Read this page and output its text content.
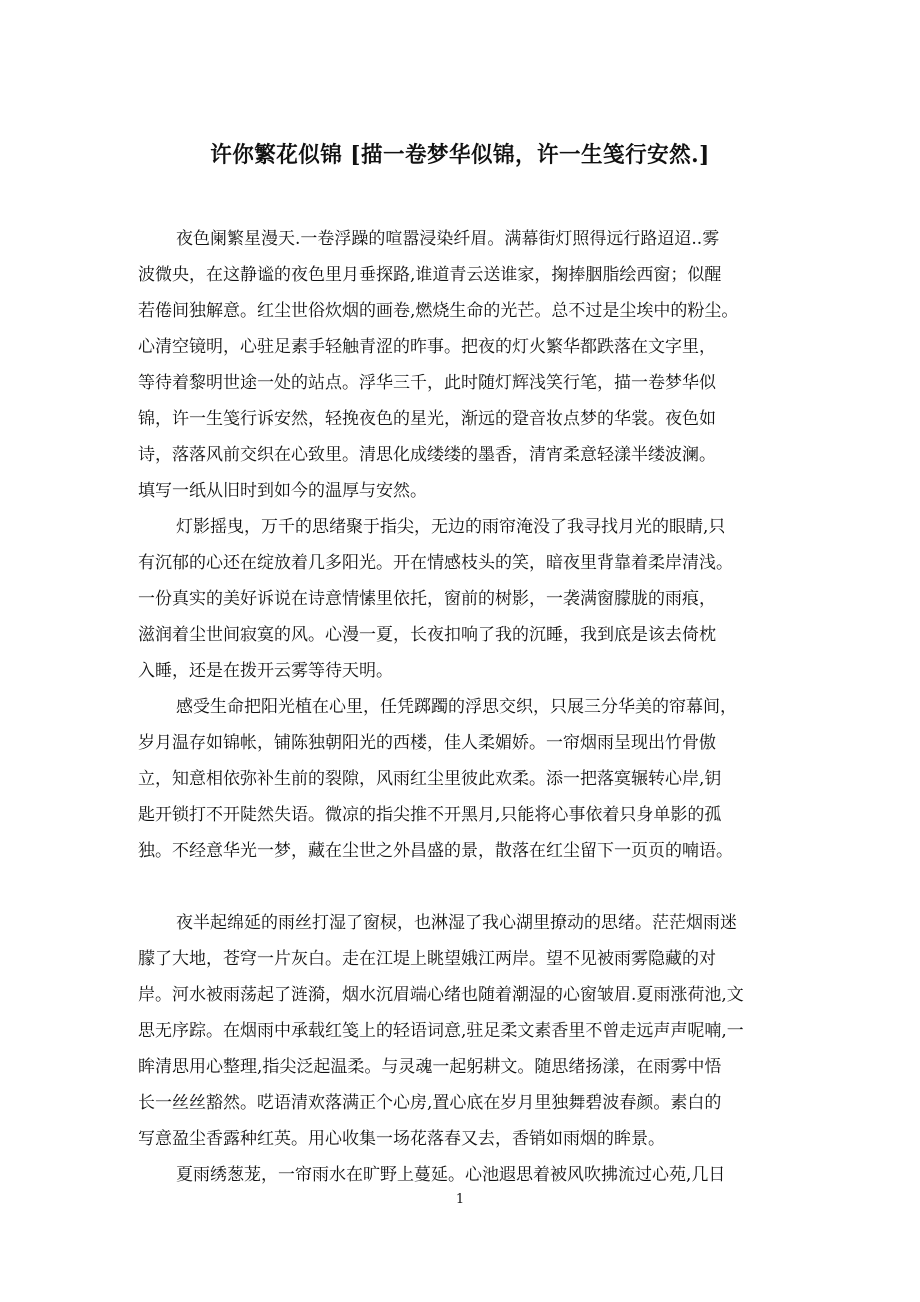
许你繁花似锦 [描一卷梦华似锦，许一生笺行安然.]
夜色阑繁星漫天.一卷浮躁的喧嚣浸染纤眉。满幕街灯照得远行路迢迢..雾
波微央，在这静谧的夜色里月垂探路,谁道青云送谁家，掬捧胭脂绘西窗；似醒
若倦间独解意。红尘世俗炊烟的画卷,燃烧生命的光芒。总不过是尘埃中的粉尘。
心清空镜明，心驻足素手轻触青涩的昨事。把夜的灯火繁华都跌落在文字里，
等待着黎明世途一处的站点。浮华三千，此时随灯辉浅笑行笔，描一卷梦华似
锦，许一生笺行诉安然，轻挽夜色的星光，渐远的跫音妆点梦的华裳。夜色如
诗，落落风前交织在心致里。清思化成缕缕的墨香，清宵柔意轻漾半缕波澜。
填写一纸从旧时到如今的温厚与安然。
灯影摇曳，万千的思绪聚于指尖，无边的雨帘淹没了我寻找月光的眼睛,只
有沉郁的心还在绽放着几多阳光。开在情感枝头的笑，暗夜里背靠着柔岸清浅。
一份真实的美好诉说在诗意情愫里依托，窗前的树影，一袭满窗朦胧的雨痕，
滋润着尘世间寂寞的风。心漫一夏，长夜扣响了我的沉睡，我到底是该去倚枕
入睡，还是在拨开云雾等待天明。
感受生命把阳光植在心里，任凭踯躅的浮思交织，只展三分华美的帘幕间，
岁月温存如锦帐，铺陈独朝阳光的西楼，佳人柔媚娇。一帘烟雨呈现出竹骨傲
立，知意相依弥补生前的裂隙，风雨红尘里彼此欢柔。添一把落寞辗转心岸,钥
匙开锁打不开陡然失语。微凉的指尖推不开黑月,只能将心事依着只身单影的孤
独。不经意华光一梦，藏在尘世之外昌盛的景，散落在红尘留下一页页的喃语。
夜半起绵延的雨丝打湿了窗棂，也淋湿了我心湖里撩动的思绪。茫茫烟雨迷
朦了大地，苍穹一片灰白。走在江堤上眺望娥江两岸。望不见被雨雾隐藏的对
岸。河水被雨荡起了涟漪，烟水沉眉端心绪也随着潮湿的心窗皱眉.夏雨涨荷池,文
思无序踪。在烟雨中承载红笺上的轻语词意,驻足柔文素香里不曾走远声声呢喃,一
眸清思用心整理,指尖泛起温柔。与灵魂一起躬耕文。随思绪扬漾，在雨雾中悟
长一丝丝豁然。呓语清欢落满正个心房,置心底在岁月里独舞碧波春颜。素白的
写意盈尘香露种红英。用心收集一场花落春又去，香销如雨烟的眸景。
夏雨绣葱茏，一帘雨水在旷野上蔓延。心池遐思着被风吹拂流过心苑,几日
1
